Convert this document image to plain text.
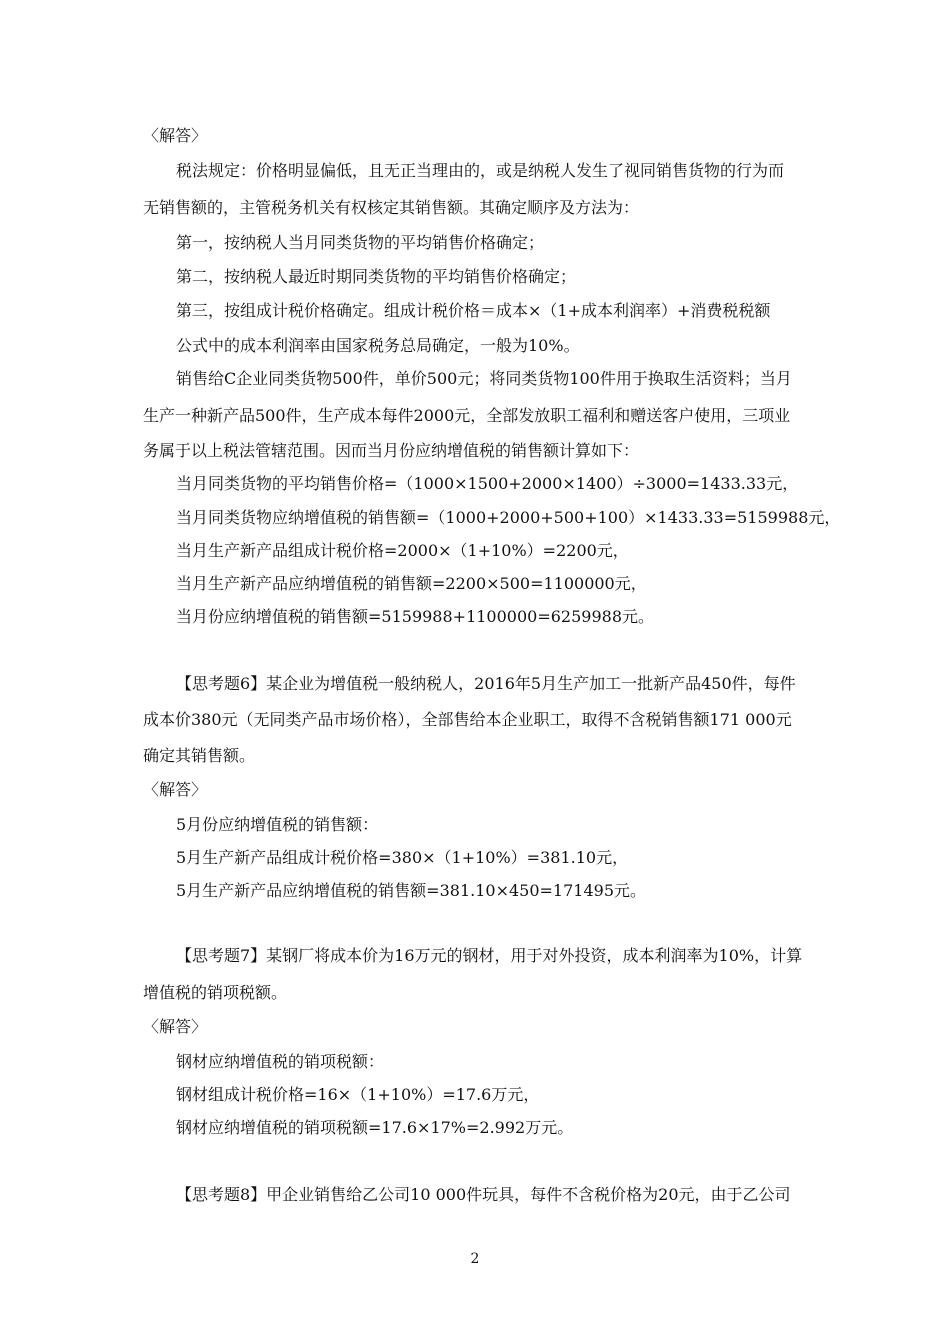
〈解答〉
税法规定：价格明显偏低，且无正当理由的，或是纳税人发生了视同销售货物的行为而
无销售额的，主管税务机关有权核定其销售额。其确定顺序及方法为：
第一，按纳税人当月同类货物的平均销售价格确定；
第二，按纳税人最近时期同类货物的平均销售价格确定；
第三，按组成计税价格确定。组成计税价格＝成本×（1+成本利润率）+消费税税额
公式中的成本利润率由国家税务总局确定，一般为10%。
销售给C企业同类货物500件，单价500元；将同类货物100件用于换取生活资料；当月
生产一种新产品500件，生产成本每件2000元，全部发放职工福利和赠送客户使用，三项业
务属于以上税法管辖范围。因而当月份应纳增值税的销售额计算如下：
当月同类货物的平均销售价格=（1000×1500+2000×1400）÷3000=1433.33元，
当月同类货物应纳增值税的销售额=（1000+2000+500+100）×1433.33=5159988元，
当月生产新产品组成计税价格=2000×（1+10%）=2200元，
当月生产新产品应纳增值税的销售额=2200×500=1100000元，
当月份应纳增值税的销售额=5159988+1100000=6259988元。
【思考题6】某企业为增值税一般纳税人，2016年5月生产加工一批新产品450件，每件
成本价380元（无同类产品市场价格），全部售给本企业职工，取得不含税销售额171 000元
确定其销售额。
〈解答〉
5月份应纳增值税的销售额：
5月生产新产品组成计税价格=380×（1+10%）=381.10元，
5月生产新产品应纳增值税的销售额=381.10×450=171495元。
【思考题7】某钢厂将成本价为16万元的钢材，用于对外投资，成本利润率为10%，计算
增值税的销项税额。
〈解答〉
钢材应纳增值税的销项税额：
钢材组成计税价格=16×（1+10%）=17.6万元，
钢材应纳增值税的销项税额=17.6×17%=2.992万元。
【思考题8】甲企业销售给乙公司10 000件玩具，每件不含税价格为20元，由于乙公司
2
